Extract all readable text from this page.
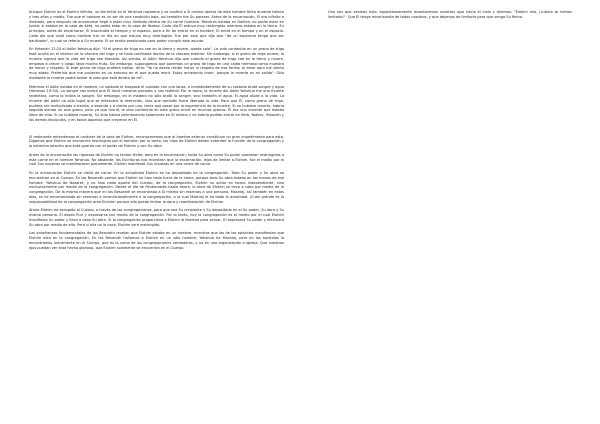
Aunque Elohim es el Elohim infinito, un día entró en el Yahshua nazareno y se confinó a Sí mismo dentro de este hombre finito durante treinta y tres años y medio. Fue que el hombre es un ser de una condición baja, así también fue Su parecer. Antes de la encarnación, El era infinito e ilimitado, pero después de encarnarse llegó a estar muy limitado dentro de Su carne humana. Mientras estaba en Galilea, no podía estar en Judea; si estaba en la casa de Kefá, no podía estar en la casa de Yaakov. Cada día Él estuvo muy restringido mientras estaba en la tierra. En principio, antes de encarnarse, Él trascendía el tiempo y el espacio, pero a fin de entrar en el hombre, Él entró en el tiempo y en el espacio. Cada día que vivió como hombre fue un día en que estuvo muy restringido. Fue por esto que dijo que "de un bautismo tengo que ser bautizado", lo cual se refería a Su muerte. El se sentía presionado para poder cumplir este asunto.

En Yohanán 12:24 el Adón Yahshua dijo: "Si el grano de trigo no cae en la tierra y muere, queda solo". La vida contenida en un grano de trigo está oculta en el interior de la cáscara del trigo y se halla confinada dentro de la cáscara exterior. Sin embargo, si el grano de trigo muere, la muerte logrará que la vida del trigo sea liberada. Así siendo, el Adón Yahshua dijo que cuando el grano de trigo cae en la tierra y muere, empieza a crecer y luego lleva mucho fruto. Sin embargo, supongamos que ponemos un grano de trigo en una cajita hermosa como muestra de honor y respeto. Si este grano de trigo pudiera hablar, diría: "Yo no deseo recibir honor ni respeto de esa forma; al estar aquí me siento muy atado. Preferiría que me pusieran en un entorno en el que pueda morir. Estoy anhelando morir, porque la muerte es mi salida". Sólo mediante la muerte podrá brotar la vida que está dentro de mí".

Mientras el Adón estaba en el madero, un soldado le traspasó el costado con una lanza, e inmediatamente de su costado brotó sangre y agua (Yohanan 19:34). La sangre nos indica que Él llevó nuestros pecados y nos redimió. Por lo tanto, la muerte del Adón Yahshua fue una muerte redentora, como lo indica la sangre. Sin embargo, en el madero no sólo brotó la sangre, sino también el agua. El agua alude a la vida. La muerte del Adón no sólo logró que se efectuara la redención, sino que también fuera liberada la vida. Para que Él, como grano de trigo, pudiera ser multiplicado a treinta, a sesenta y a ciento por uno, tenía que pasar por la experiencia de la muerte. Si no hubiese muerto, habría seguido siendo un solo grano, pero ya que murió, la vida contenida en este grano entró en muchos granos. Él era uno viviente que estaba llena de vida. Si no hubiese muerto, Su vida habría permanecido solamente en Sí mismo y no habría podido entrar en Kefá, Yaakov, Yohanán y los demás discípulos, y en todos aquellos que creyeron en Él.

Si realmente entendemos el carácter de la obra de Elohim, reconoceremos que el hombre exterior constituye un gran impedimento para esta. Digamos que Elohim se encuentra restringido por el hombre; por lo tanto, los hijos de Elohim deben entender la función de la congregación y la estrecha relación que está guarda con el poder de Elohim y con Su obra.

Antes de la encarnación las riquezas de Elohim no tenían límite, pero en la encarnación, tanto Su obra como Su poder quedaron restringidos a esta carne en el hombre Yahshua. No obstante, las Escrituras nos muestran que la encarnación, lejos de limitar a Elohim, fue el medio por el cual Sus riquezas se manifestaron plenamente. Elohim manifestó Sus riquezas en una carne de carne.

En la encarnación Elohim se vistió de carne. En la actualidad Elohim se ha depositado en la congregación. Todo Su poder y Su obra se encuentran en el Cuerpo. En las Besoroth vemos que Elohim no hizo nada fuera de la carne, porque todo Su obra estaba en las manos de ese hombre, Yahshua de Nazaret, y no hizo nada aparte del Cuerpo, de la congregación. Elohim no actúa en forma independiente, sino exclusivamente por medio de la congregación. Desde el día de Pentecostés hasta ahora, la obra de Elohim se lleva a cabo por medio de la congregación. De la misma manera que en las Besoroth se encontraba a Sí mismo sin reservas a una persona, Mashiaj, así también en estos días, se ha encomendado sin reservas e incondicionalmente a la congregación, a la cual Mashiaj le ha dado la autoridad. ¡Cuán grande es la responsabilidad de la congregación ante Elohim! porque ella puede limitar la obra y manifestación de Elohim.

Ahora Elohim ha escogido al Cuerpo, a través de las congregaciones, para que sea Su recipiente y Su depositado en el Su poder, Su obra y Su misma persona. El desea fluir y expresarse por medio de la congregación. Por lo tanto, hoy la congregación es el medio por el cual Elohim manifiesta Su poder y lleva a cabo Su obra. Si la congregación proporciona a Elohim la libertad para actuar, El expresará Su poder y efectuará Su obra por medio de ella. Pero si ella no lo hace, Elohim será restringido.

Las enseñanzas fundamentales de las Besoroth revelan que Elohim estaba en un hombre, mientras que las de las epístolas manifiestan que Elohim está en la congregación. En las Besoroth hallamos a Elohim en un sólo hombre, Yahshua ha Mashiaj, pero en las epístolas lo encontramos únicamente en el Cuerpo, que es la suma de las congregaciones verdaderas, y no en una organización o iglesia. Que nuestros ojos puedan ver esta hecho glorioso, que Elohim solamente se encuentra en el Cuerpo.

Una vez que vesmos esto, espontáneamente levantaremos nuestros ojos hacia el cielo y diremos: "Elohim mío, ¡cuánto te hemos limitado!". Que El tenga misericordia de todos nosotros, y que dejemos de limitarle para que venga Su Reino.
